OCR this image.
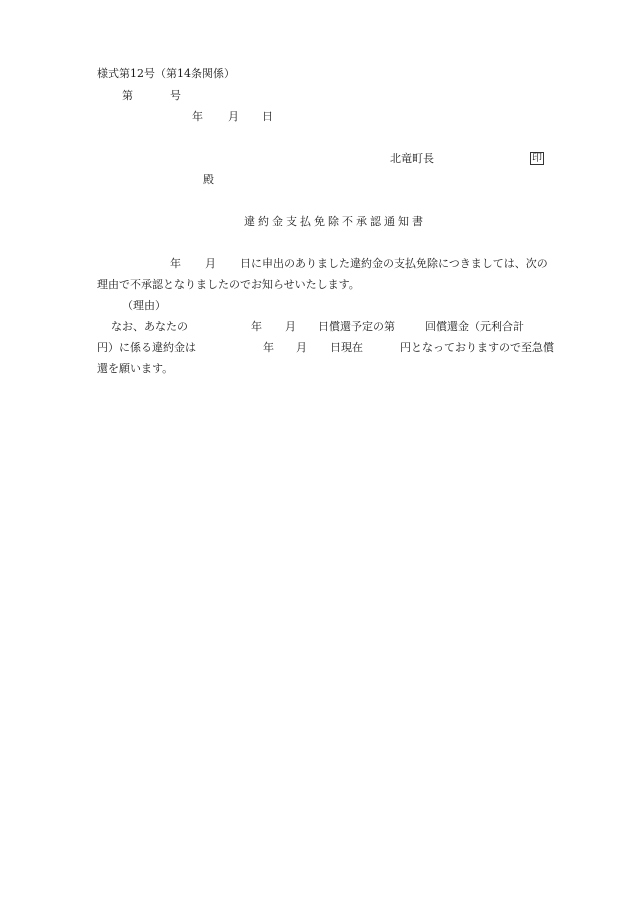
様式第12号（第14条関係）
第	号
年 月 日
北竜町長	印
殿
違約金支払免除不承認通知書
年 月 日に申出のありました違約金の支払免除につきましては、次の
理由で不承認となりましたのでお知らせいたします。
（理由）
なお、あなたの	年 月 日償還予定の第	回償還金（元利合計
円）に係る違約金は	年 月 日現在	円となっておりますので至急償
還を願います。
